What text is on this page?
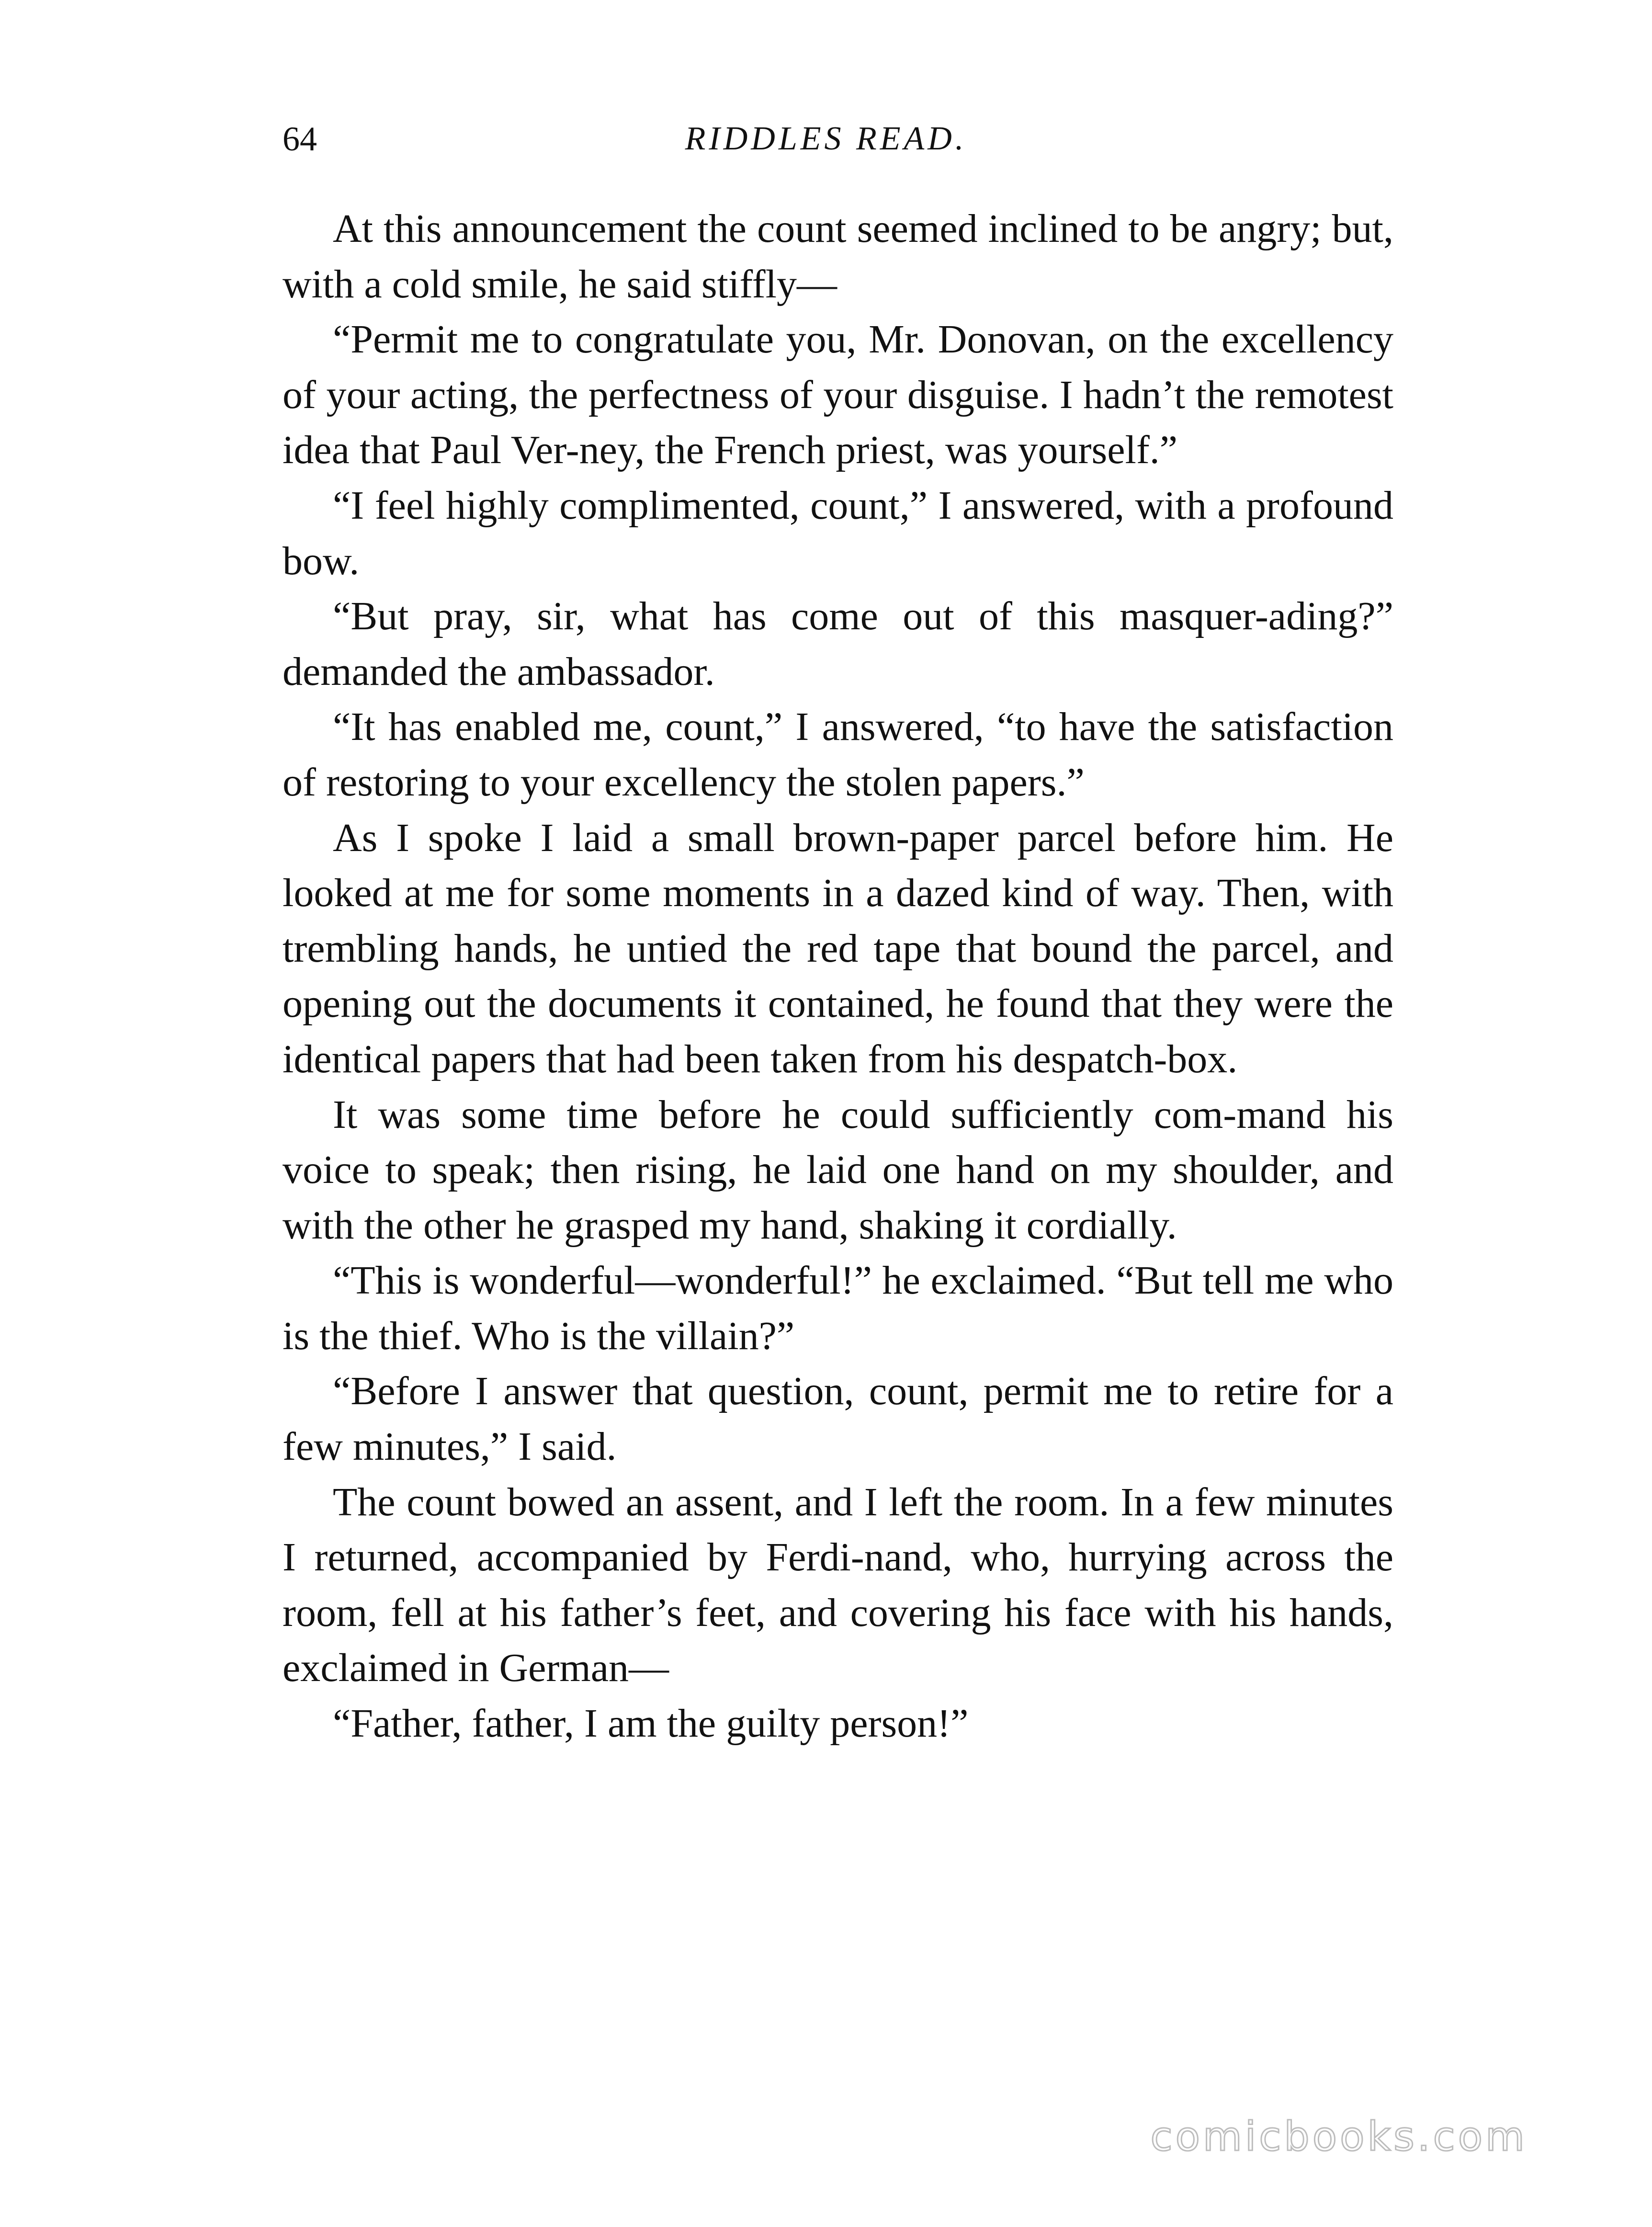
64	RIDDLES READ.

At this announcement the count seemed inclined to be angry; but, with a cold smile, he said stiffly—

“Permit me to congratulate you, Mr. Donovan, on the excellency of your acting, the perfectness of your disguise. I hadn’t the remotest idea that Paul Ver-ney, the French priest, was yourself.”

“I feel highly complimented, count,” I answered, with a profound bow.

“But pray, sir, what has come out of this masquer-ading?” demanded the ambassador.

“It has enabled me, count,” I answered, “to have the satisfaction of restoring to your excellency the stolen papers.”

As I spoke I laid a small brown-paper parcel before him. He looked at me for some moments in a dazed kind of way. Then, with trembling hands, he untied the red tape that bound the parcel, and opening out the documents it contained, he found that they were the identical papers that had been taken from his despatch-box.

It was some time before he could sufficiently com-mand his voice to speak; then rising, he laid one hand on my shoulder, and with the other he grasped my hand, shaking it cordially.

“This is wonderful—wonderful!” he exclaimed. “But tell me who is the thief. Who is the villain?”

“Before I answer that question, count, permit me to retire for a few minutes,” I said.

The count bowed an assent, and I left the room. In a few minutes I returned, accompanied by Ferdi-nand, who, hurrying across the room, fell at his father’s feet, and covering his face with his hands, exclaimed in German—

“Father, father, I am the guilty person!”

comicbooks.com
